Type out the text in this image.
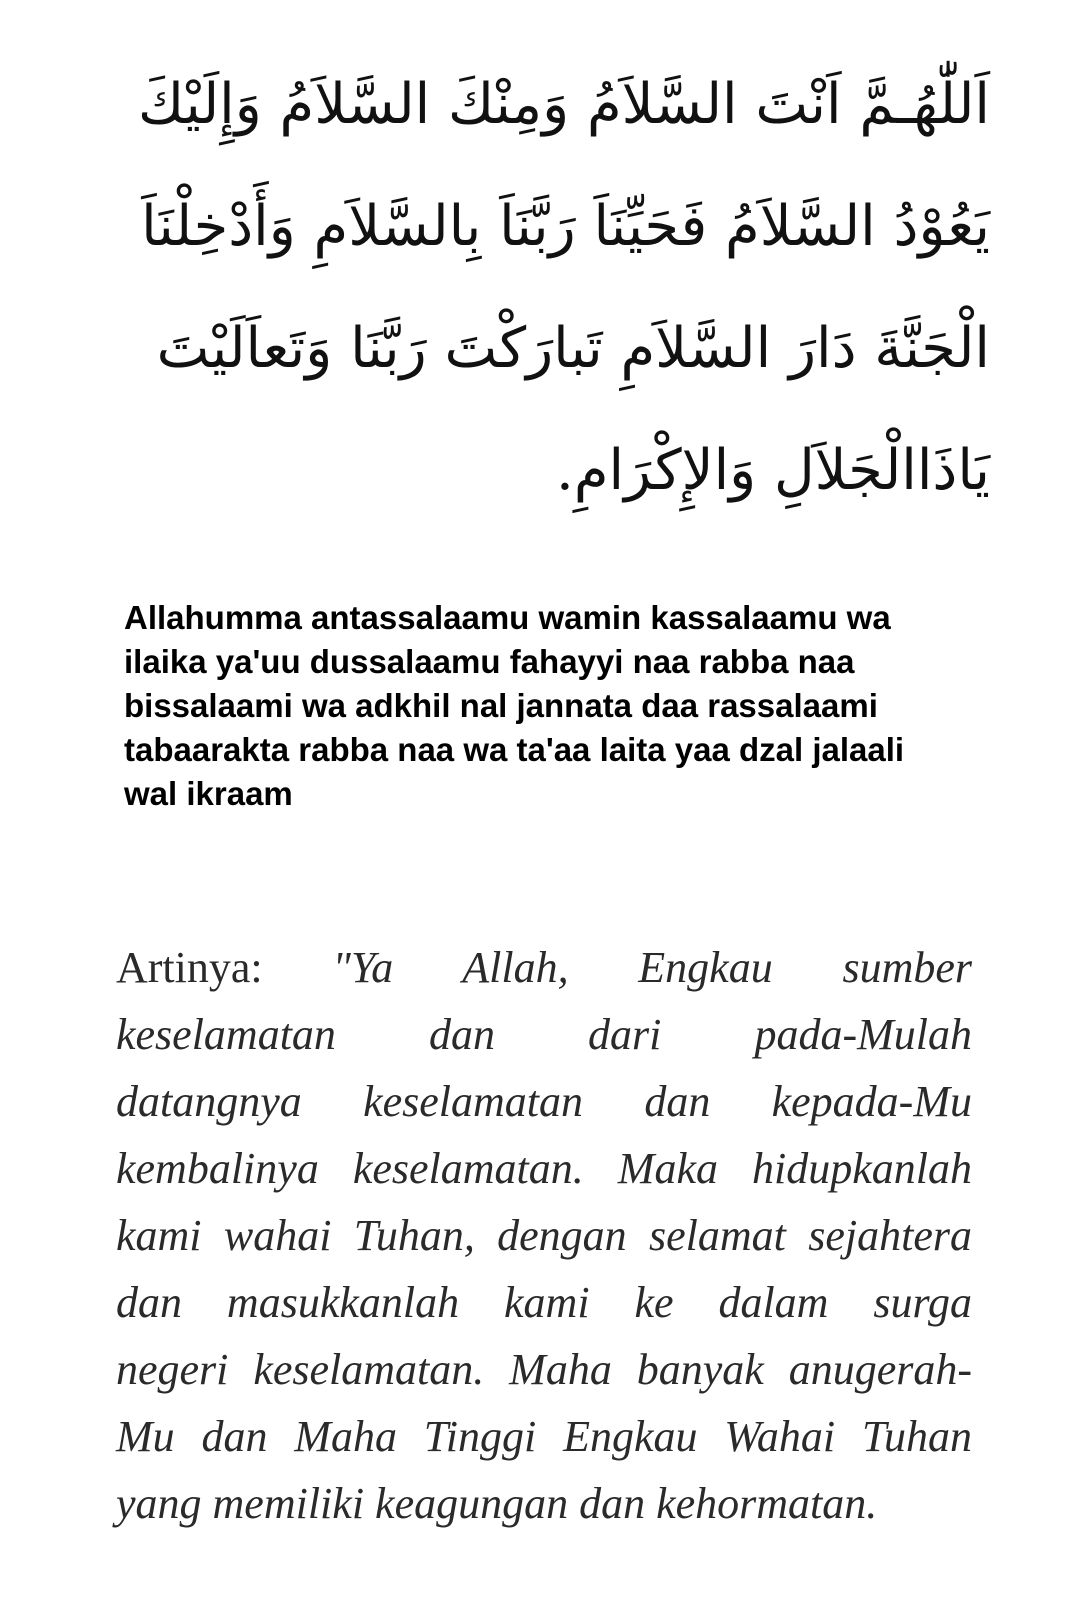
اَللّٰهُـمَّ اَنْتَ السَّلاَمُ وَمِنْكَ السَّلاَمُ وَإِلَيْكَ
يَعُوْدُ السَّلاَمُ فَحَيِّنَاَ رَبَّنَاَ بِالسَّلاَمِ وَأَدْخِلْنَاَ
الْجَنَّةَ دَارَ السَّلاَمِ تَبارَكْتَ رَبَّنَا وَتَعاَلَيْتَ
يَاذَاالْجَلاَلِ وَالإِكْرَامِ.
Allahumma antassalaamu wamin kassalaamu wa
ilaika ya'uu dussalaamu fahayyi naa rabba naa
bissalaami wa adkhil nal jannata daa rassalaami
tabaarakta rabba naa wa ta'aa laita yaa dzal jalaali
wal ikraam
Artinya: "Ya Allah, Engkau sumber
keselamatan dan dari pada-Mulah
datangnya keselamatan dan kepada-Mu
kembalinya keselamatan. Maka hidupkanlah
kami wahai Tuhan, dengan selamat sejahtera
dan masukkanlah kami ke dalam surga
negeri keselamatan. Maha banyak anugerah-
Mu dan Maha Tinggi Engkau Wahai Tuhan
yang memiliki keagungan dan kehormatan.
